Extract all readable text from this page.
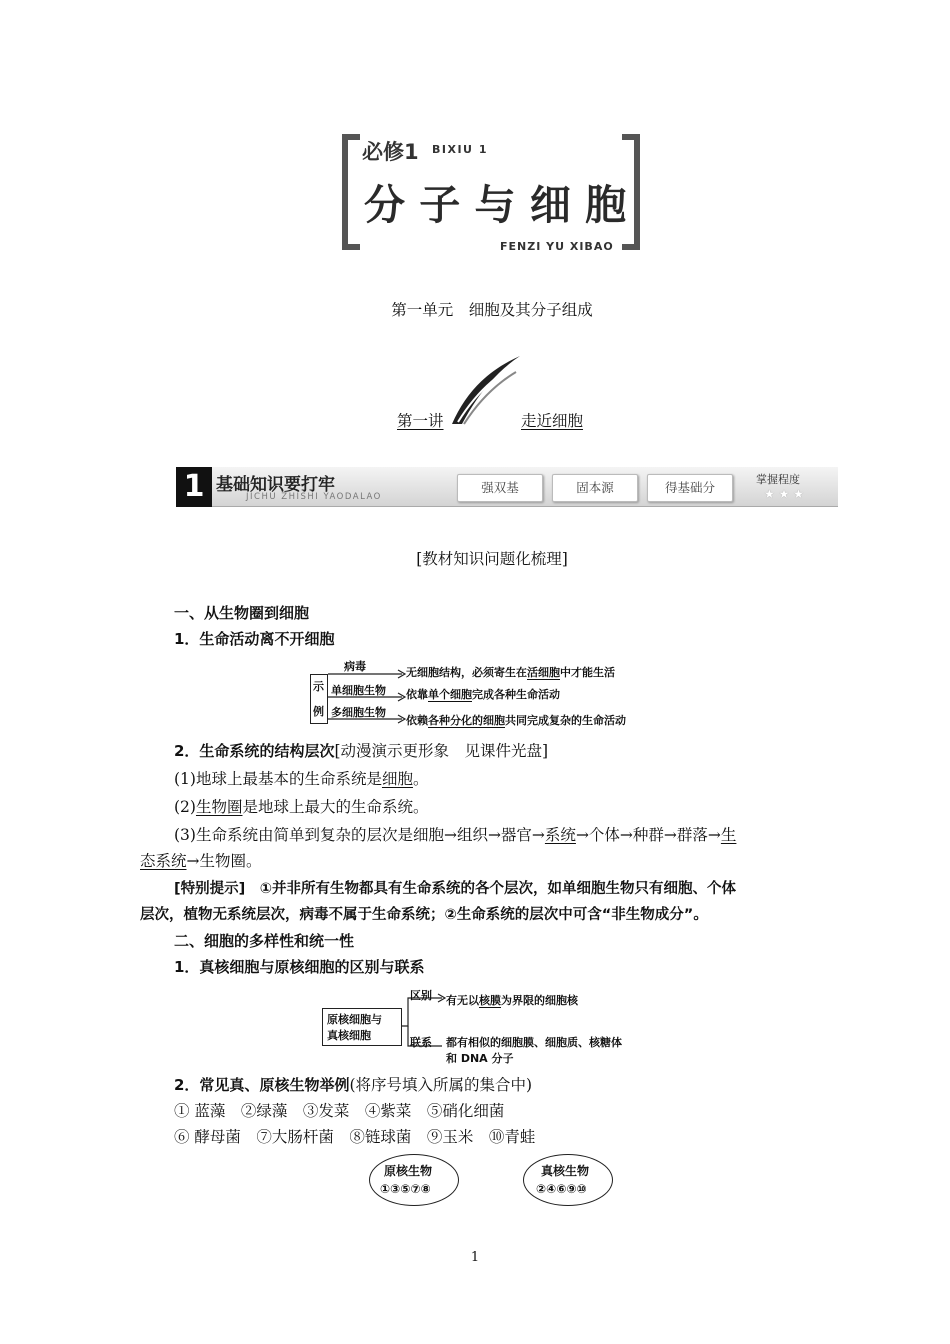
必修1 BIXIU 1
分 子 与 细 胞
FENZI YU XIBAO
第一单元　细胞及其分子组成
第一讲	走近细胞
1 基础知识要打牢
JICHU ZHISHI YAODALAO
强双基	固本源	得基础分
掌握程度
★ ★ ★
[教材知识问题化梳理]
一、从生物圈到细胞
1．生命活动离不开细胞
示
例
病毒
单细胞生物
多细胞生物
无细胞结构，必须寄生在活细胞中才能生活
依靠单个细胞完成各种生命活动
依赖各种分化的细胞共同完成复杂的生命活动
2．生命系统的结构层次[动漫演示更形象　见课件光盘]
(1)地球上最基本的生命系统是细胞。
(2)生物圈是地球上最大的生命系统。
(3)生命系统由简单到复杂的层次是细胞→组织→器官→系统→个体→种群→群落→生
态系统→生物圈。
[特别提示]　①并非所有生物都具有生命系统的各个层次，如单细胞生物只有细胞、个体
层次，植物无系统层次，病毒不属于生命系统；②生命系统的层次中可含“非生物成分”。
二、细胞的多样性和统一性
1．真核细胞与原核细胞的区别与联系
原核细胞与
真核细胞
区别 有无以核膜为界限的细胞核
联系 都有相似的细胞膜、细胞质、核糖体
和 DNA 分子
2．常见真、原核生物举例(将序号填入所属的集合中)
① 蓝藻　②绿藻　③发菜　④紫菜　⑤硝化细菌
⑥ 酵母菌　⑦大肠杆菌　⑧链球菌　⑨玉米　⑩青蛙
原核生物
①③⑤⑦⑧
真核生物
②④⑥⑨⑩
1
